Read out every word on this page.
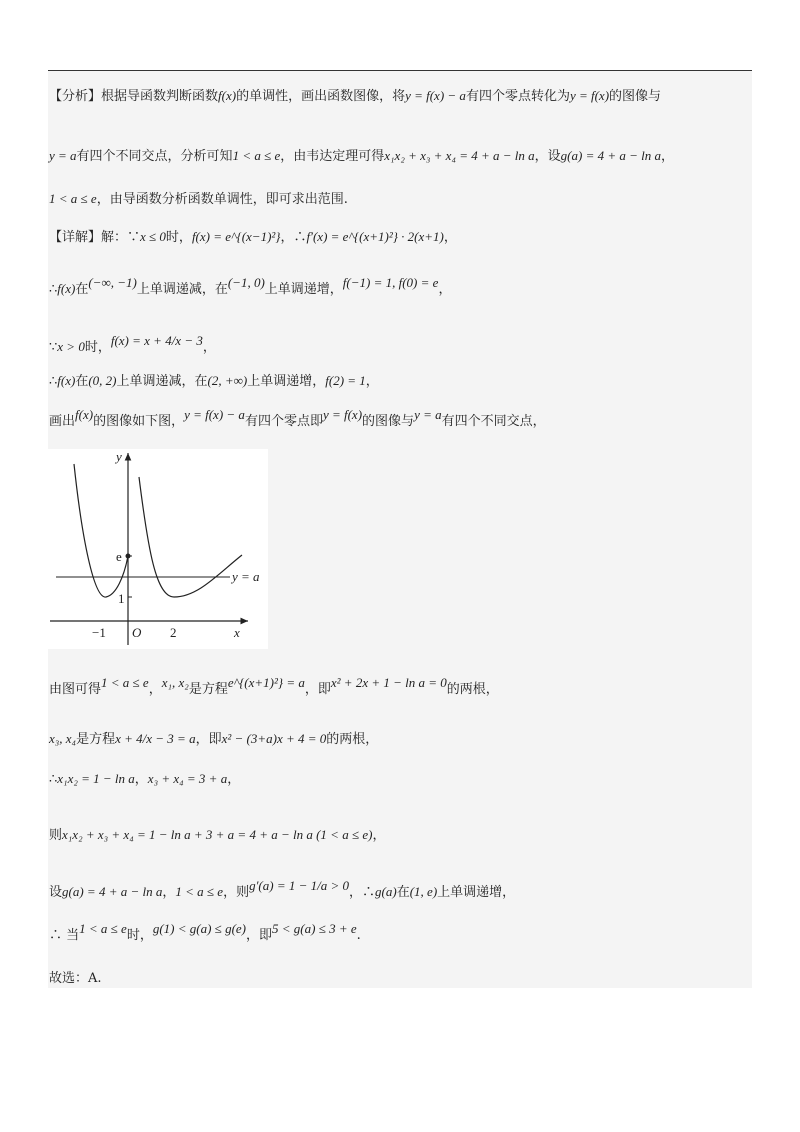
【分析】根据导函数判断函数f(x)的单调性，画出函数图像，将y = f(x) − a有四个零点转化为y = f(x)的图像与
y = a有四个不同交点，分析可知1 < a ≤ e，由韦达定理可得x₁x₂ + x₃ + x₄ = 4 + a − ln a，设g(a) = 4 + a − ln a，
1 < a ≤ e，由导函数分析函数单调性，即可求出范围.
【详解】解：∵x ≤ 0时，f(x) = e^{(x−1)²}，∴f′(x) = e^{(x+1)²} · 2(x+1)，
∴f(x)在(−∞, −1)上单调递减，在(−1, 0)上单调递增，f(−1) = 1, f(0) = e，
∵x > 0时，f(x) = x + 4/x − 3，
∴f(x)在(0, 2)上单调递减，在(2, +∞)上单调递增，f(2) = 1，
画出f(x)的图像如下图，y = f(x) − a有四个零点即y = f(x)的图像与y = a有四个不同交点，
y
x
O
e
1
−1	2
y = a
由图可得1 < a ≤ e，x₁, x₂是方程e^{(x+1)²} = a，即x² + 2x + 1 − ln a = 0的两根，
x₃, x₄是方程x + 4/x − 3 = a，即x² − (3+a)x + 4 = 0的两根，
∴x₁x₂ = 1 − ln a，x₃ + x₄ = 3 + a，
则x₁x₂ + x₃ + x₄ = 1 − ln a + 3 + a = 4 + a − ln a (1 < a ≤ e)，
设g(a) = 4 + a − ln a，1 < a ≤ e，则g′(a) = 1 − 1/a > 0，∴g(a)在(1, e)上单调递增，
∴ 当1 < a ≤ e时，g(1) < g(a) ≤ g(e)，即5 < g(a) ≤ 3 + e.
故选：A.
